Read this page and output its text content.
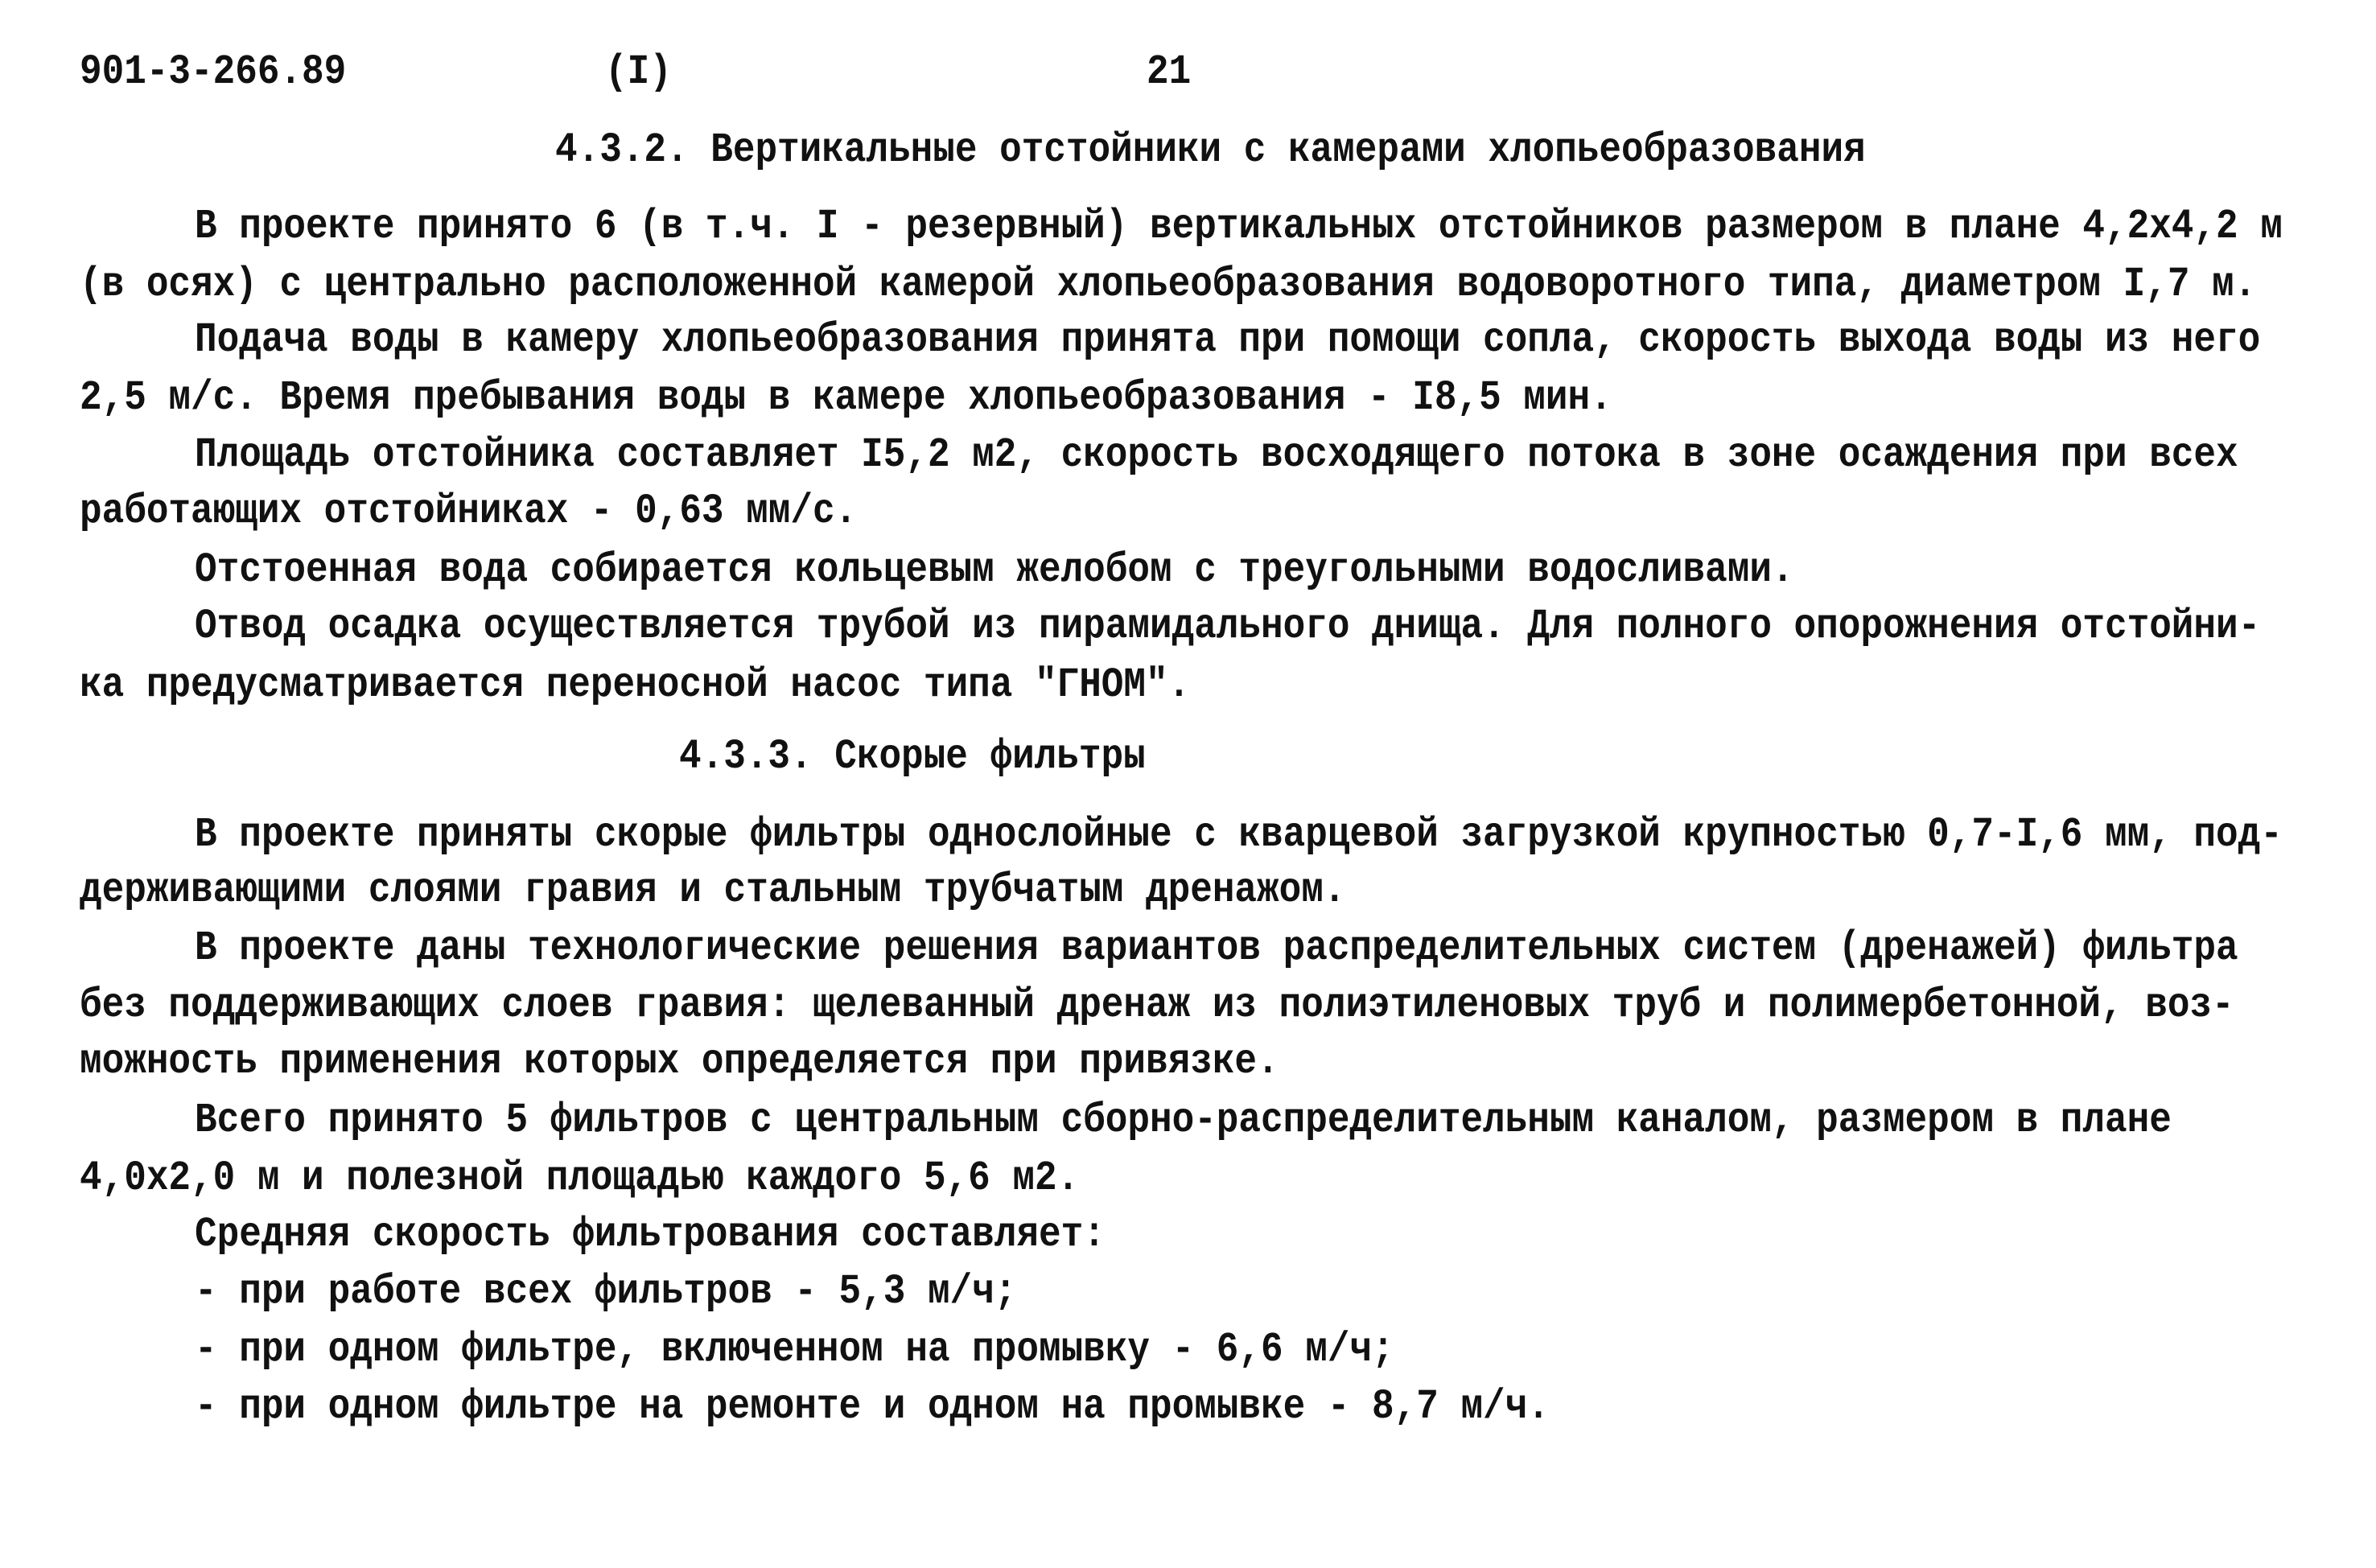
901-3-266.89	(I)	21
4.3.2. Вертикальные отстойники с камерами хлопьеобразования
В проекте принято 6 (в т.ч. I - резервный) вертикальных отстойников размером в плане 4,2х4,2 м
(в осях) с центрально расположенной камерой хлопьеобразования водоворотного типа, диаметром I,7 м.
Подача воды в камеру хлопьеобразования принята при помощи сопла, скорость выхода воды из него
2,5 м/с. Время пребывания воды в камере хлопьеобразования - I8,5 мин.
Площадь отстойника составляет I5,2 м2, скорость восходящего потока в зоне осаждения при всех
работающих отстойниках - 0,63 мм/с.
Отстоенная вода собирается кольцевым желобом с треугольными водосливами.
Отвод осадка осуществляется трубой из пирамидального днища. Для полного опорожнения отстойни-
ка предусматривается переносной насос типа "ГНОМ".
4.3.3. Скорые фильтры
В проекте приняты скорые фильтры однослойные с кварцевой загрузкой крупностью 0,7-I,6 мм, под-
держивающими слоями гравия и стальным трубчатым дренажом.
В проекте даны технологические решения вариантов распределительных систем (дренажей) фильтра
без поддерживающих слоев гравия: щелеванный дренаж из полиэтиленовых труб и полимербетонной, воз-
можность применения которых определяется при привязке.
Всего принято 5 фильтров с центральным сборно-распределительным каналом, размером в плане
4,0х2,0 м и полезной площадью каждого 5,6 м2.
Средняя скорость фильтрования составляет:
- при работе всех фильтров - 5,3 м/ч;
- при одном фильтре, включенном на промывку - 6,6 м/ч;
- при одном фильтре на ремонте и одном на промывке - 8,7 м/ч.
